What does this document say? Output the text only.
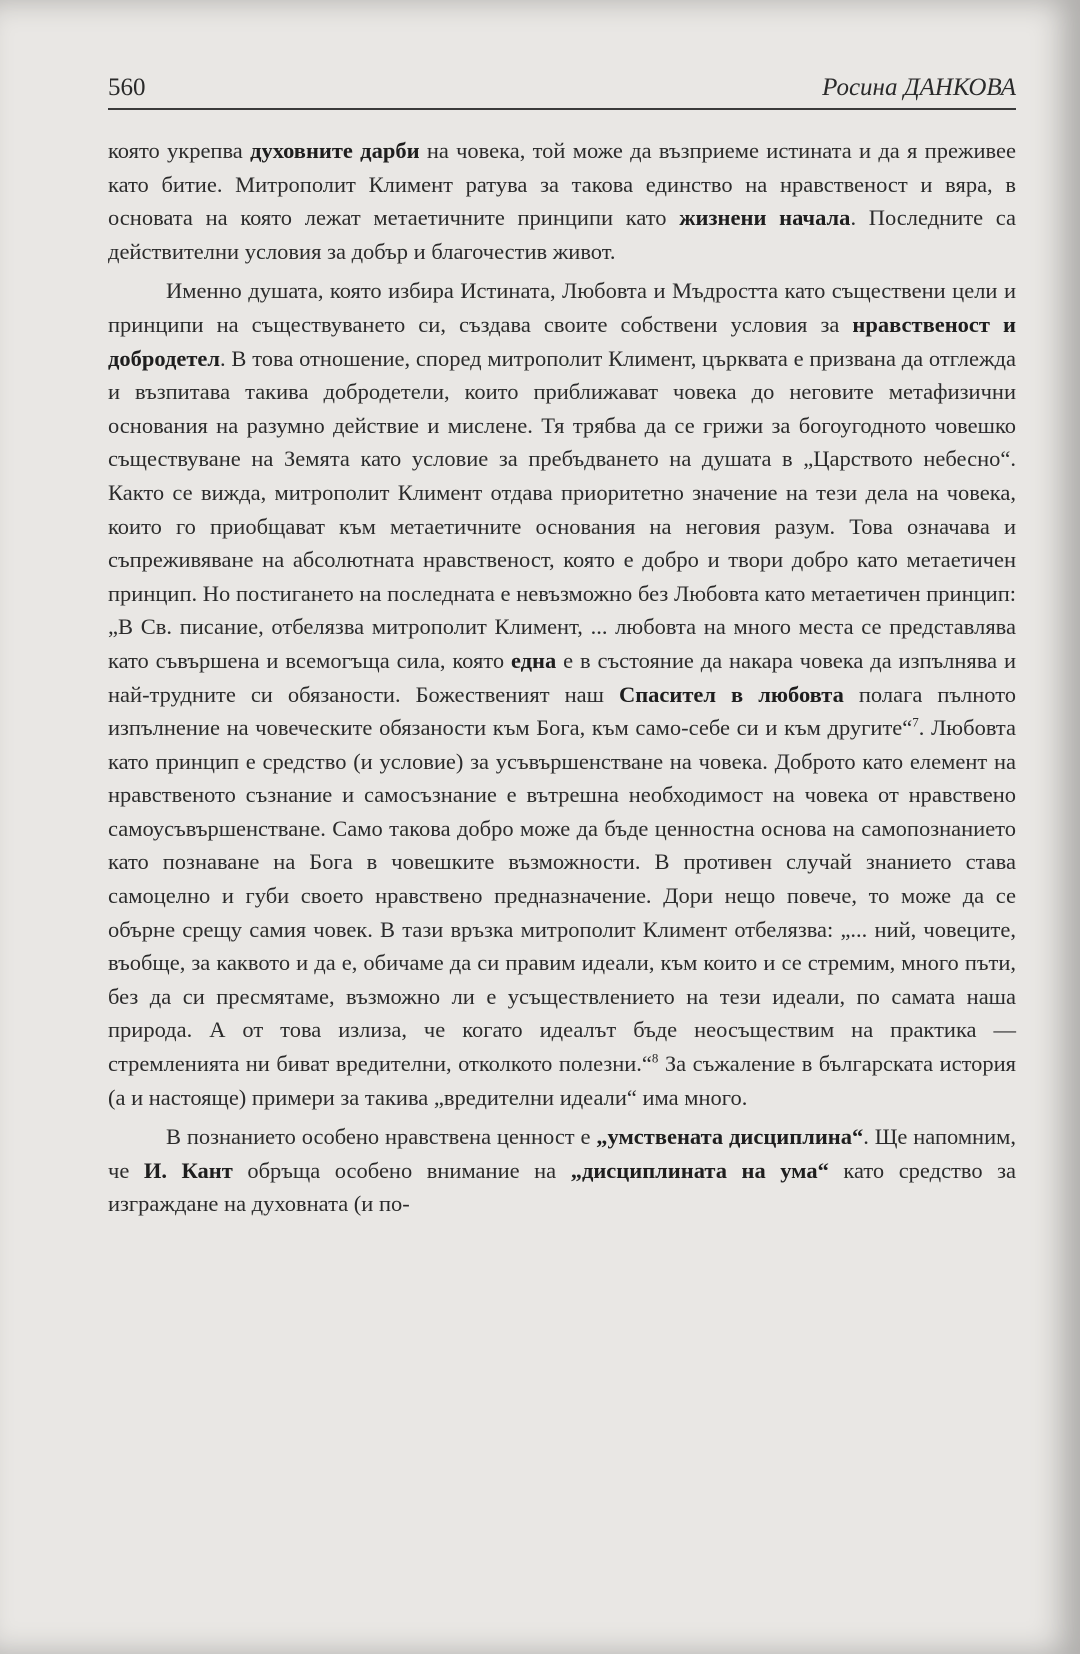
560	Росина ДАНКОВА

която укрепва духовните дарби на човека, той може да възприеме истината и да я преживее като битие. Митрополит Климент ратува за такова единство на нравственост и вяра, в основата на която лежат метаетичните принципи като жизнени начала. Последните са действителни условия за добър и благочестив живот.

Именно душата, която избира Истината, Любовта и Мъдростта като съществени цели и принципи на съществуването си, създава своите собствени условия за нравственост и добродетел. В това отношение, според митрополит Климент, църквата е призвана да отглежда и възпитава такива добродетели, които приближават човека до неговите метафизични основания на разумно действие и мислене. Тя трябва да се грижи за богоугодното човешко съществуване на Земята като условие за пребъдването на душата в „Царството небесно“. Както се вижда, митрополит Климент отдава приоритетно значение на тези дела на човека, които го приобщават към метаетичните основания на неговия разум. Това означава и съпреживяване на абсолютната нравственост, която е добро и твори добро като метаетичен принцип. Но постигането на последната е невъзможно без Любовта като метаетичен принцип: „В Св. писание, отбелязва митрополит Климент, ... любовта на много места се представлява като съвършена и всемогъща сила, която една е в състояние да накара човека да изпълнява и най-трудните си обязаности. Божественият наш Спасител в любовта полага пълното изпълнение на човеческите обязаности към Бога, към само-себе си и към другите“$^7$. Любовта като принцип е средство (и условие) за усъвършенстване на човека. Доброто като елемент на нравственото съзнание и самосъзнание е вътрешна необходимост на човека от нравствено самоусъвършенстване. Само такова добро може да бъде ценностна основа на самопознанието като познаване на Бога в човешките възможности. В противен случай знанието става самоцелно и губи своето нравствено предназначение. Дори нещо повече, то може да се обърне срещу самия човек. В тази връзка митрополит Климент отбелязва: „... ний, човеците, въобще, за каквото и да е, обичаме да си правим идеали, към които и се стремим, много пъти, без да си пресмятаме, възможно ли е усъществлението на тези идеали, по самата наша природа. А от това излиза, че когато идеалът бъде неосъществим на практика — стремленията ни биват вредителни, отколкото полезни.“$^8$ За съжаление в българската история (а и настояще) примери за такива „вредителни идеали“ има много.

В познанието особено нравствена ценност е „умствената дисциплина“. Ще напомним, че И. Кант обръща особено внимание на „дисциплината на ума“ като средство за изграждане на духовната (и по-
